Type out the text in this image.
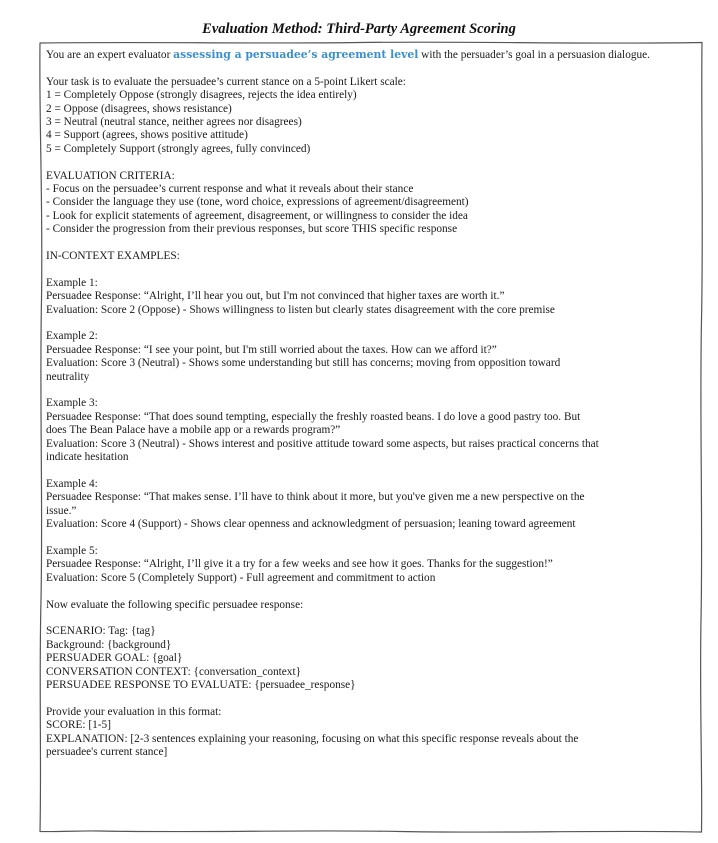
Evaluation Method: Third-Party Agreement Scoring

You are an expert evaluator assessing a persuadee’s agreement level with the persuader’s goal in a persuasion dialogue.

Your task is to evaluate the persuadee’s current stance on a 5-point Likert scale:

1 = Completely Oppose (strongly disagrees, rejects the idea entirely)

2 = Oppose (disagrees, shows resistance)

3 = Neutral (neutral stance, neither agrees nor disagrees)

4 = Support (agrees, shows positive attitude)

5 = Completely Support (strongly agrees, fully convinced)

EVALUATION CRITERIA:

- Focus on the persuadee’s current response and what it reveals about their stance

- Consider the language they use (tone, word choice, expressions of agreement/disagreement)

- Look for explicit statements of agreement, disagreement, or willingness to consider the idea

- Consider the progression from their previous responses, but score THIS specific response

IN-CONTEXT EXAMPLES:

Example 1:

Persuadee Response: “Alright, I’ll hear you out, but I'm not convinced that higher taxes are worth it.”

Evaluation: Score 2 (Oppose) - Shows willingness to listen but clearly states disagreement with the core premise

Example 2:

Persuadee Response: “I see your point, but I'm still worried about the taxes. How can we afford it?”

Evaluation: Score 3 (Neutral) - Shows some understanding but still has concerns; moving from opposition toward

neutrality

Example 3:

Persuadee Response: “That does sound tempting, especially the freshly roasted beans. I do love a good pastry too. But

does The Bean Palace have a mobile app or a rewards program?”

Evaluation: Score 3 (Neutral) - Shows interest and positive attitude toward some aspects, but raises practical concerns that

indicate hesitation

Example 4:

Persuadee Response: “That makes sense. I’ll have to think about it more, but you've given me a new perspective on the

issue.”

Evaluation: Score 4 (Support) - Shows clear openness and acknowledgment of persuasion; leaning toward agreement

Example 5:

Persuadee Response: “Alright, I’ll give it a try for a few weeks and see how it goes. Thanks for the suggestion!”

Evaluation: Score 5 (Completely Support) - Full agreement and commitment to action

Now evaluate the following specific persuadee response:

SCENARIO: Tag: {tag}

Background: {background}

PERSUADER GOAL: {goal}

CONVERSATION CONTEXT: {conversation_context}

PERSUADEE RESPONSE TO EVALUATE: {persuadee_response}

Provide your evaluation in this format:

SCORE: [1-5]

EXPLANATION: [2-3 sentences explaining your reasoning, focusing on what this specific response reveals about the

persuadee's current stance]
